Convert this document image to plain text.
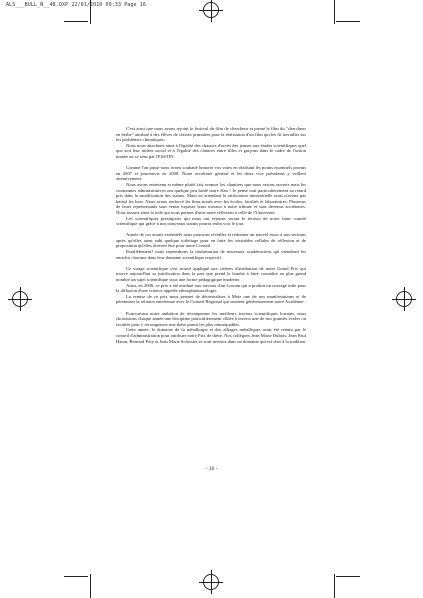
ALS___BULL_N__48.QXP 22/01/2010 09:33 Page 16

C'est ainsi que nous avons rejoint le festival du film de chercheur et primé le film du "chercheur en herbe" attribué à des élèves de classes primaires pour la réalisation d'un film qui les fit travailler sur les problèmes climatiques.

Nous nous attachons ainsi à l'égalité des chances d'accès des jeunes aux études scientifiques quel que soit leur milieu social et à l'égalité des chances entre filles et garçons dans le cadre de l'action menée en ce sens par l'ESSTIN.

Comme l'an passé nous avons souhaité honorer vos votes en réalisant les points essentiels promis en 2007 et poursuivis en 2008. Notre secrétaire général et les deux vice présidents y veillent attentivement.

Nous avons entretenu et même plutôt fait avancer les chantiers que nous avions ouverts mais les contraintes administratives ont quelque peu bridé notre élan ! Je pense tout particulièrement au retard pris dans la modification des statuts. Main en attendant la ratification ministérielle nous n'avons pas baissé les bras. Nous avons renforcé les liens noués avec les écoles, facultés et laboratoires. Plusieurs de leurs représentants sont venus exposer leurs travaux à notre tribune et sont devenus sociétaires. Nous tissons ainsi la toile qui nous permet d'unir notre réflexion à celle de l'Université.

Les scientifiques prestigieux qui nous ont rejoints seront le terreau de notre futur comité scientifique qui grâce à nos nouveaux statuts pourra enfin voir le jour.

Armés de ces atouts essentiels nous pourrons réveiller et redonner un nouvel essor à nos sections après qu'elles aient subi quelque toilettage pour en faire les véritables cellules de réflexion et de proposition qu'elles doivent être pour notre Conseil.

Parallèlement? nous reprendrons la titularisation de nouveaux académiciens qui viendront les enrichir chacune dans leur domaine scientifique respectif.

Ce virage scientifique s'est trouvé appliqué aux critères d'attribution de notre Grand Prix qui trouve aujourd'hui sa justification dans la part que prend le lauréat à faire connaître au plus grand nombre un sujet scientifique sous une forme pédagogique moderne.

Ainsi, en 2008, ce prix a été attribué aux travaux d'un Lorrain qui a produit un ouvrage utile pour la diffusion d'une science appelée ethnopharmacologie.

La remise de ce prix nous permet de décentraliser à Metz une de nos manifestations et de pérenniser la relation entretenue avec le Conseil Régional qui soutient généreusement notre Académie.

Poursuivant notre ambition de récompenser les meilleurs travaux scientifiques lorrains, nous choisissons chaque année une discipline particulièrement ciblée à travers une de nos grandes écoles ou facultés pour y récompenser une thèse parmi les plus remarquables.

Cette année, le domaine de la métallurgie et des alliages métalliques avait été retenu par le conseil d'administration pour attribuer notre Prix de thèse. Nos collègues Jean Marie Dubois, Jean Paul Haton, Bernard Poty et Jean Marie Schissler se sont investis dans un domaine qui est cher à la tradition

- 16 -
